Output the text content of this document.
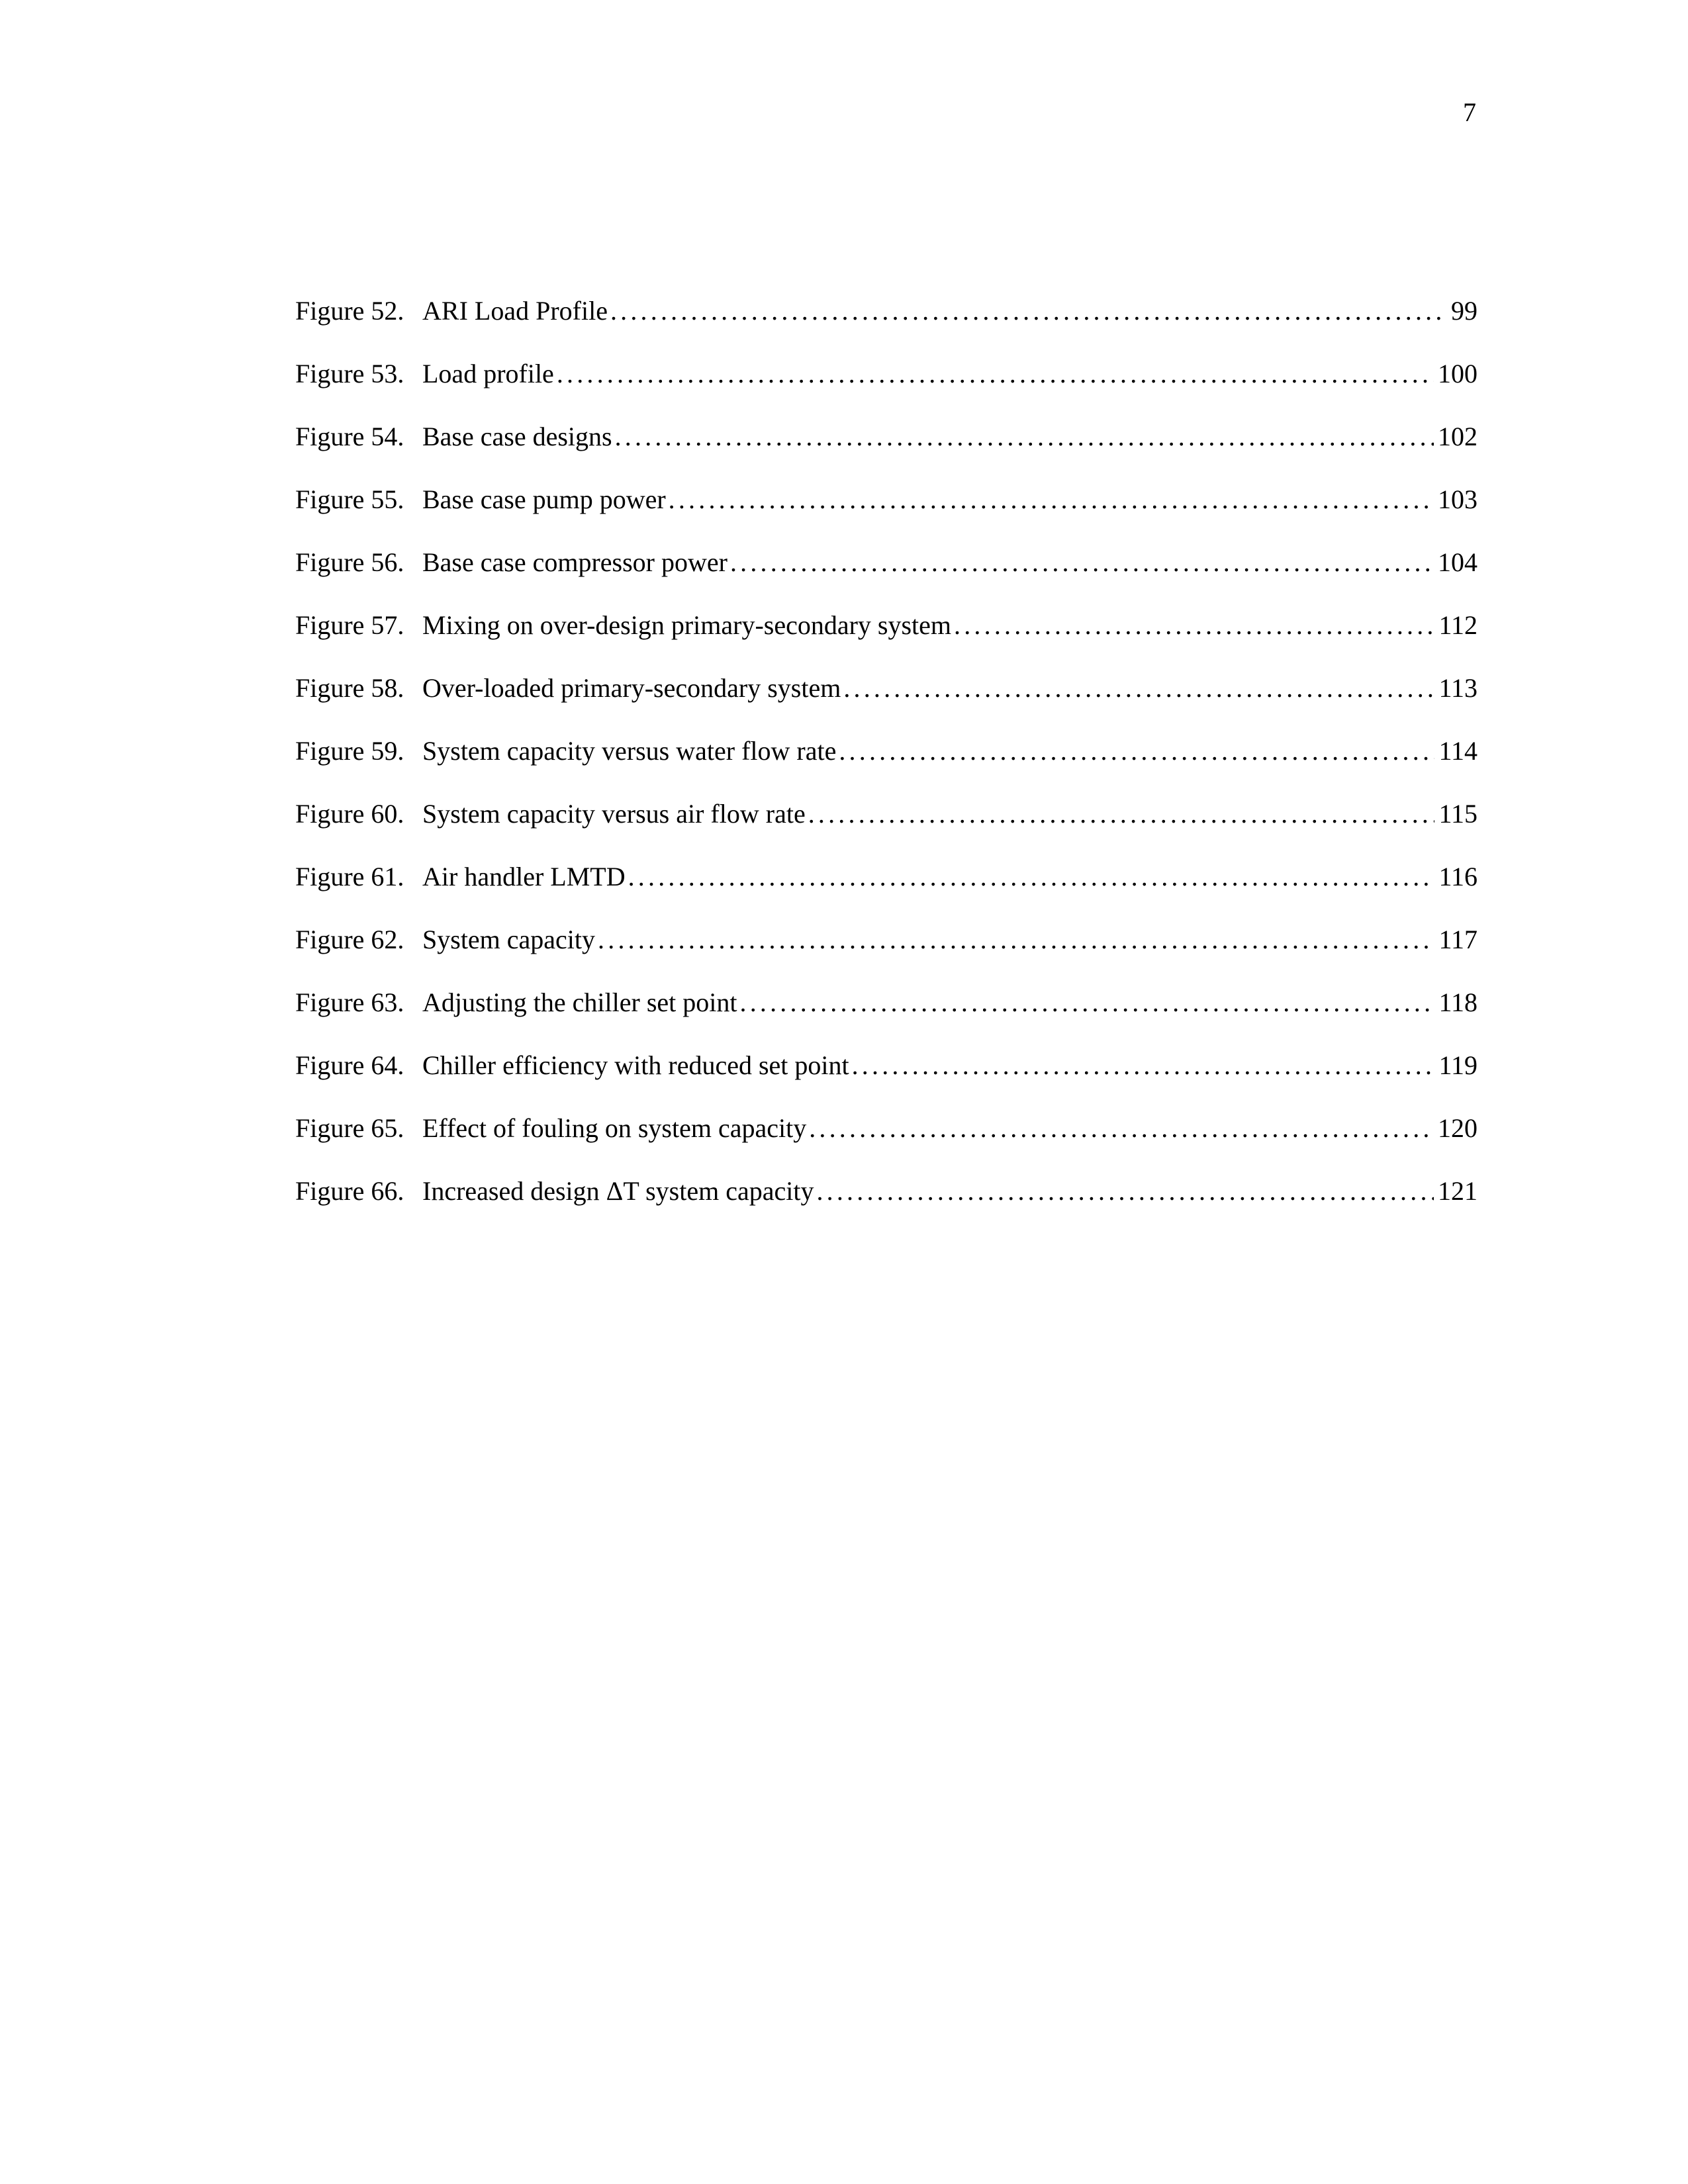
7
Figure 52. ARI Load Profile . . .	99
Figure 53. Load profile . . .	100
Figure 54. Base case designs . . .	102
Figure 55. Base case pump power . . .	103
Figure 56. Base case compressor power . . .	104
Figure 57. Mixing on over-design primary-secondary system . . .	112
Figure 58. Over-loaded primary-secondary system . . .	113
Figure 59. System capacity versus water flow rate . . .	114
Figure 60. System capacity versus air flow rate . . .	115
Figure 61. Air handler LMTD . . .	116
Figure 62. System capacity . . .	117
Figure 63. Adjusting the chiller set point . . .	118
Figure 64. Chiller efficiency with reduced set point . . .	119
Figure 65. Effect of fouling on system capacity . . .	120
Figure 66. Increased design ΔT system capacity . . .	121
